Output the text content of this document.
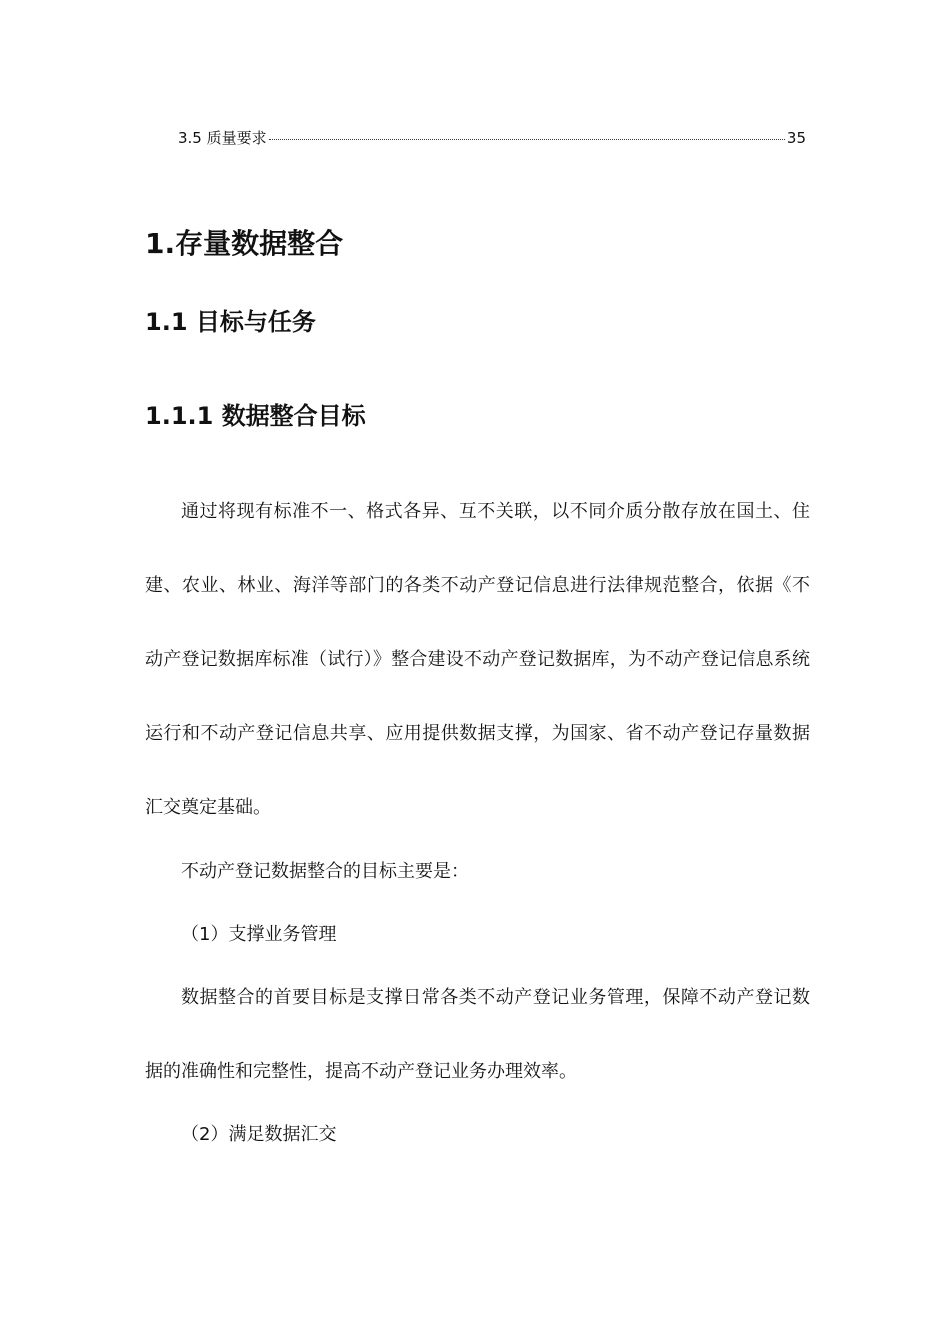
3.5 质量要求	35
1.存量数据整合
1.1 目标与任务
1.1.1 数据整合目标

通过将现有标准不一、格式各异、互不关联，以不同介质分散存放在国土、住建、农业、林业、海洋等部门的各类不动产登记信息进行法律规范整合，依据《不动产登记数据库标准（试行）》整合建设不动产登记数据库，为不动产登记信息系统运行和不动产登记信息共享、应用提供数据支撑，为国家、省不动产登记存量数据汇交奠定基础。

不动产登记数据整合的目标主要是：

（1）支撑业务管理

数据整合的首要目标是支撑日常各类不动产登记业务管理，保障不动产登记数据的准确性和完整性，提高不动产登记业务办理效率。

（2）满足数据汇交
